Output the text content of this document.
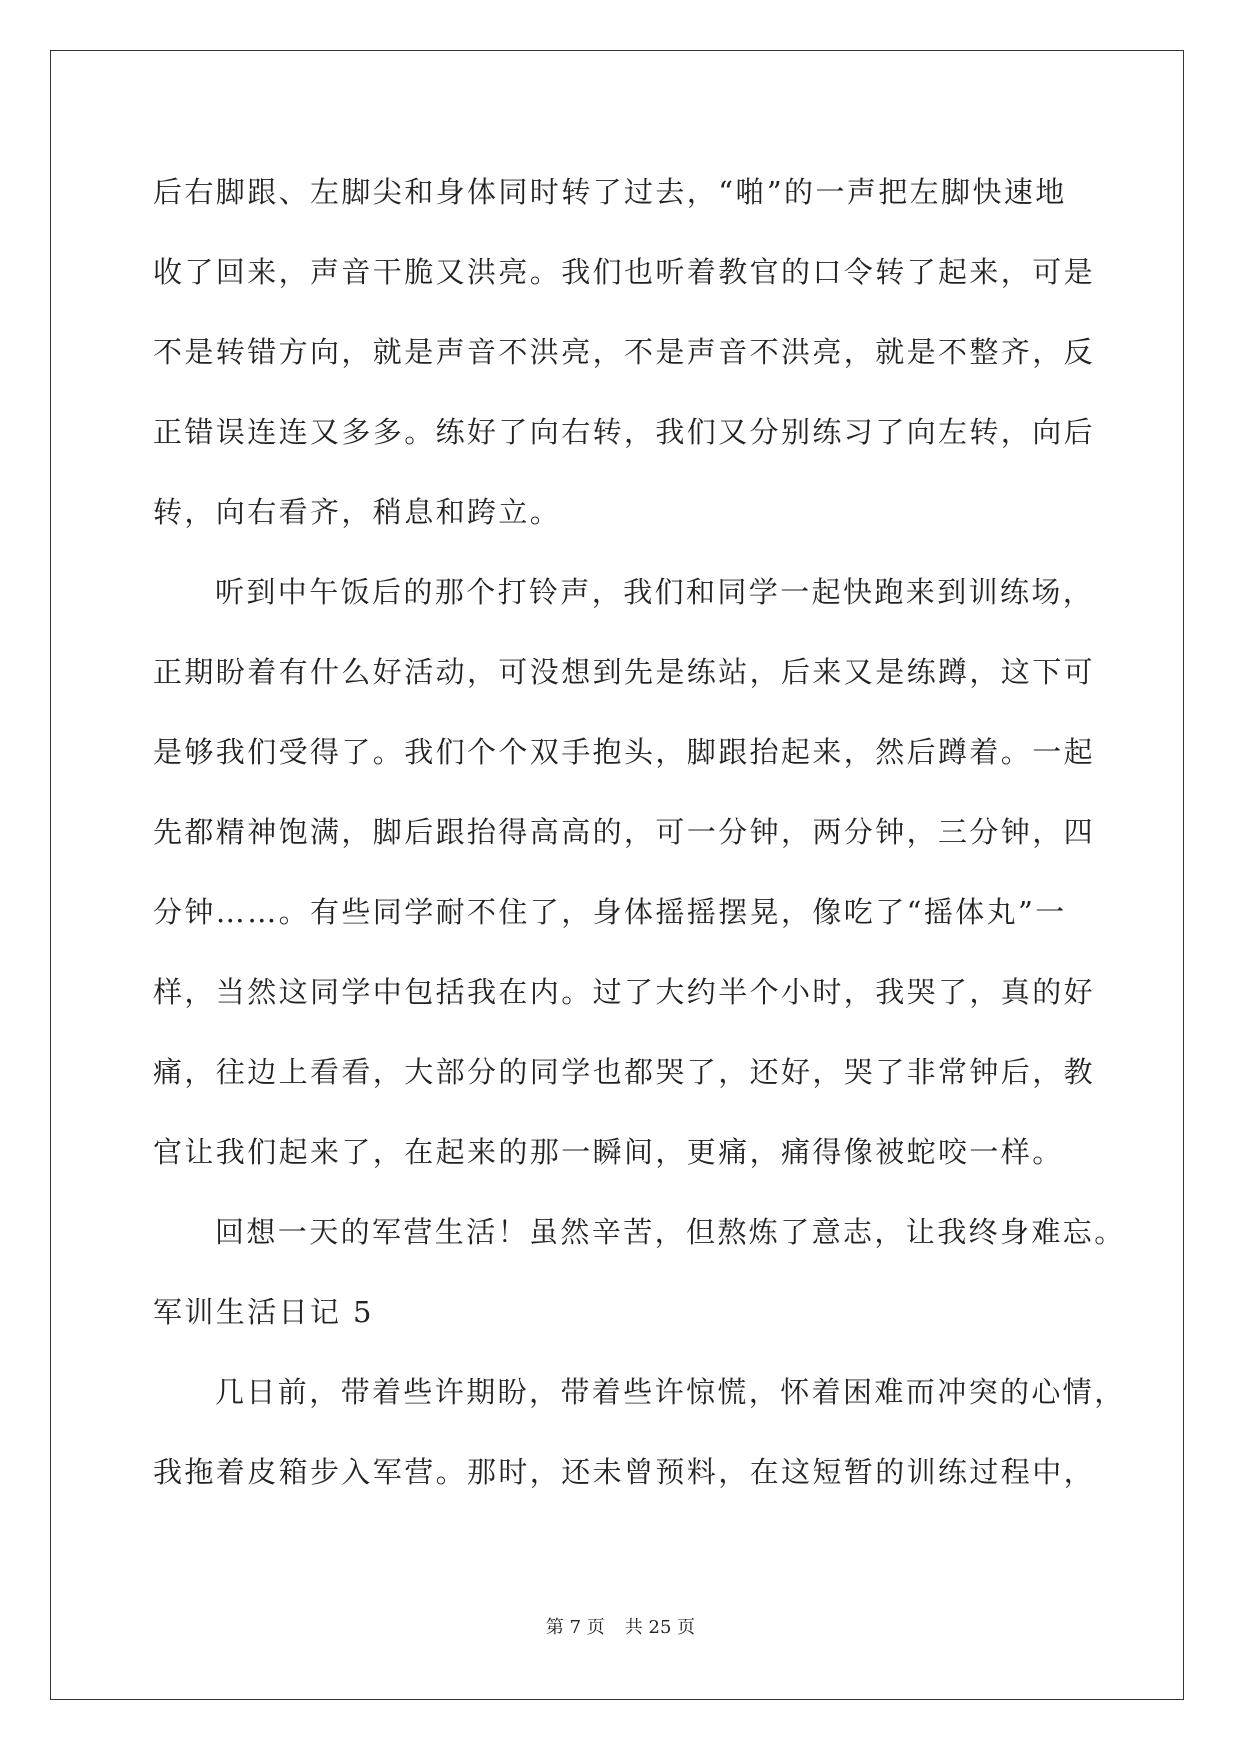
后右脚跟、左脚尖和身体同时转了过去，“啪”的一声把左脚快速地
收了回来，声音干脆又洪亮。我们也听着教官的口令转了起来，可是
不是转错方向，就是声音不洪亮，不是声音不洪亮，就是不整齐，反
正错误连连又多多。练好了向右转，我们又分别练习了向左转，向后
转，向右看齐，稍息和跨立。
听到中午饭后的那个打铃声，我们和同学一起快跑来到训练场，
正期盼着有什么好活动，可没想到先是练站，后来又是练蹲，这下可
是够我们受得了。我们个个双手抱头，脚跟抬起来，然后蹲着。一起
先都精神饱满，脚后跟抬得高高的，可一分钟，两分钟，三分钟，四
分钟……。有些同学耐不住了，身体摇摇摆晃，像吃了“摇体丸”一
样，当然这同学中包括我在内。过了大约半个小时，我哭了，真的好
痛，往边上看看，大部分的同学也都哭了，还好，哭了非常钟后，教
官让我们起来了，在起来的那一瞬间，更痛，痛得像被蛇咬一样。
回想一天的军营生活！虽然辛苦，但熬炼了意志，让我终身难忘。
军训生活日记 5
几日前，带着些许期盼，带着些许惊慌，怀着困难而冲突的心情，
我拖着皮箱步入军营。那时，还未曾预料，在这短暂的训练过程中，
第 7 页 共 25 页
